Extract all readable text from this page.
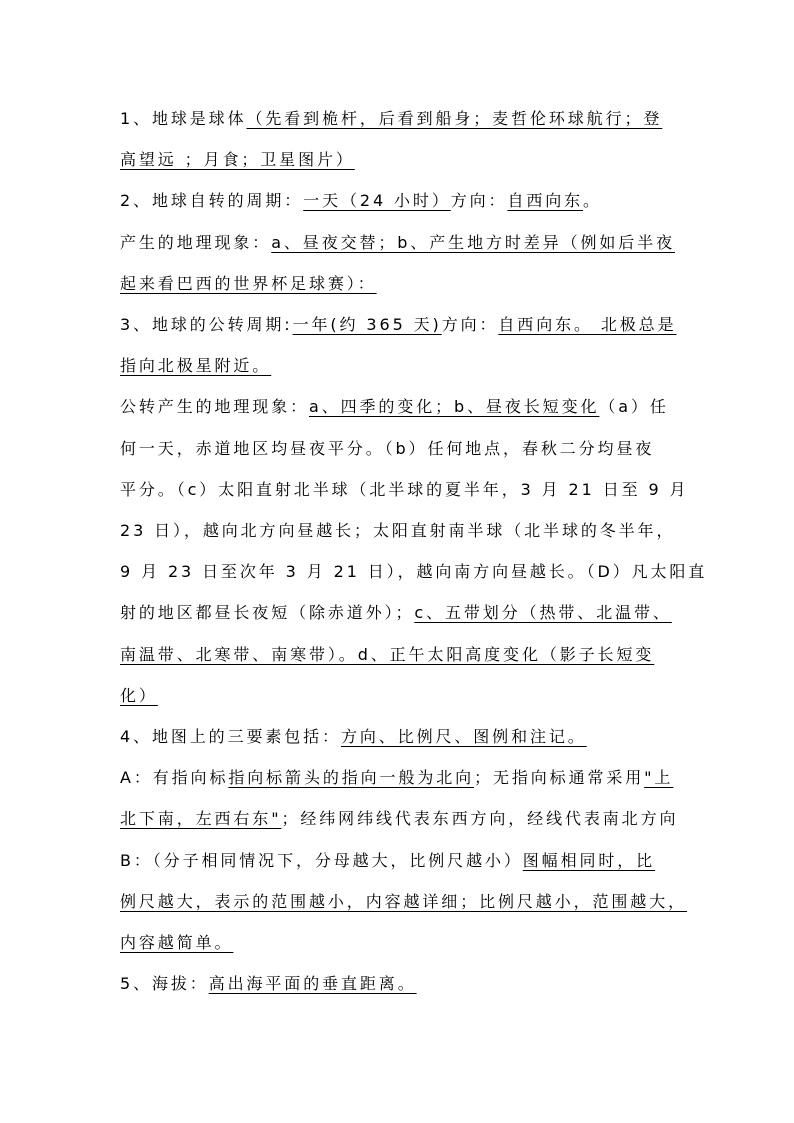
1、地球是球体（先看到桅杆，后看到船身；麦哲伦环球航行；登
高望远 ；月食；卫星图片）
2、地球自转的周期：一天（24 小时）方向：自西向东。
产生的地理现象：a、昼夜交替；b、产生地方时差异（例如后半夜
起来看巴西的世界杯足球赛）：
3、地球的公转周期:一年(约 365 天)方向：自西向东。 北极总是
指向北极星附近。
公转产生的地理现象：a、四季的变化；b、昼夜长短变化（a）任
何一天，赤道地区均昼夜平分。（b）任何地点，春秋二分均昼夜
平分。（c）太阳直射北半球（北半球的夏半年，3 月 21 日至 9 月
23 日），越向北方向昼越长；太阳直射南半球（北半球的冬半年，
9 月 23 日至次年 3 月 21 日），越向南方向昼越长。（D）凡太阳直
射的地区都昼长夜短（除赤道外）；c、五带划分（热带、北温带、
南温带、北寒带、南寒带）。d、正午太阳高度变化（影子长短变
化）
4、地图上的三要素包括：方向、比例尺、图例和注记。
A：有指向标指向标箭头的指向一般为北向；无指向标通常采用"上
北下南，左西右东"；经纬网纬线代表东西方向，经线代表南北方向
B：（分子相同情况下，分母越大，比例尺越小）图幅相同时，比
例尺越大，表示的范围越小，内容越详细；比例尺越小，范围越大，
内容越简单。
5、海拔：高出海平面的垂直距离。
